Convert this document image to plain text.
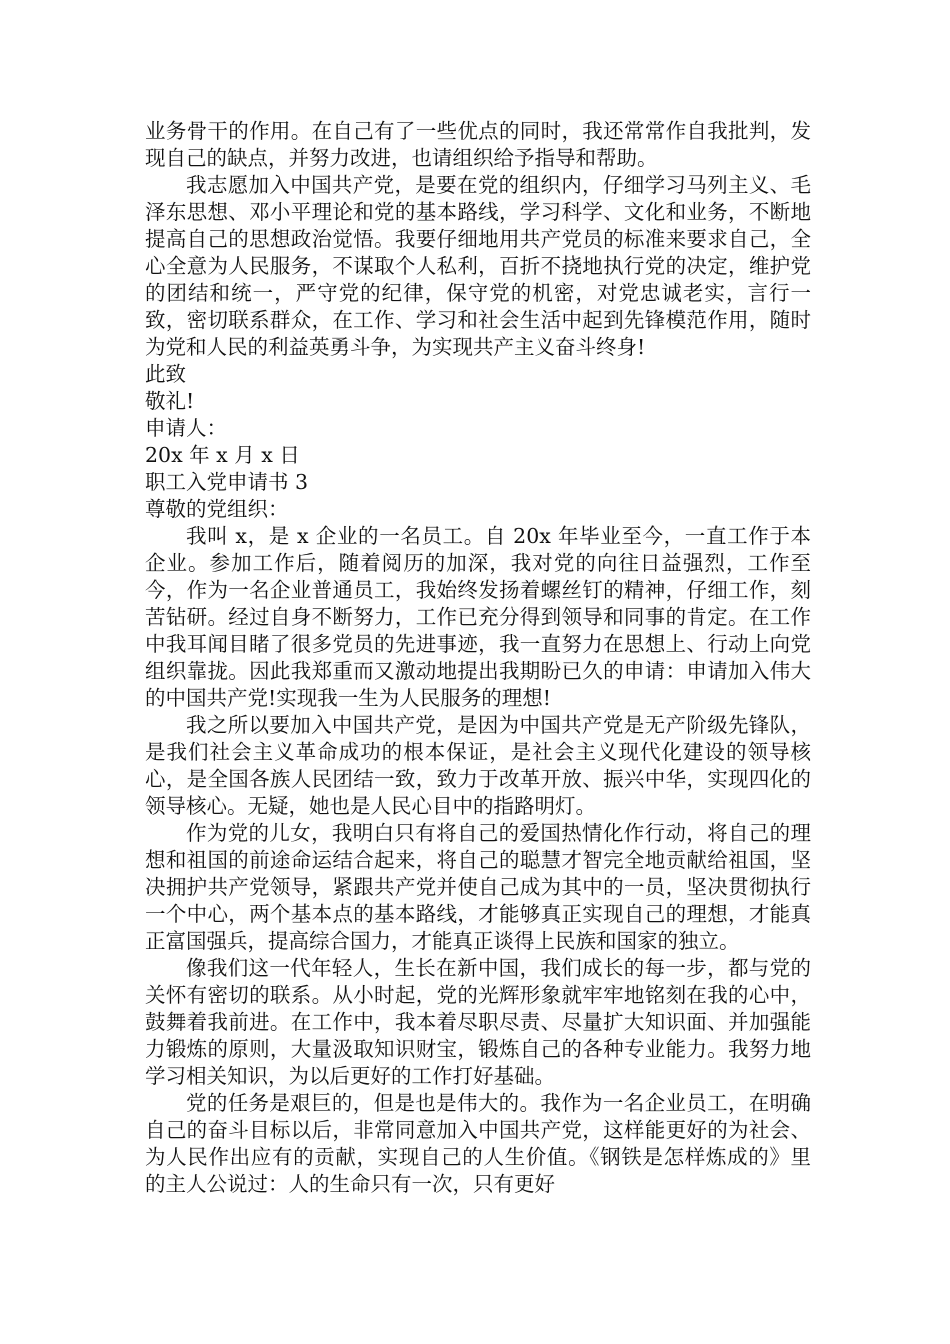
业务骨干的作用。在自己有了一些优点的同时，我还常常作自我批判，发现自己的缺点，并努力改进，也请组织给予指导和帮助。

我志愿加入中国共产党，是要在党的组织内，仔细学习马列主义、毛泽东思想、邓小平理论和党的基本路线，学习科学、文化和业务，不断地提高自己的思想政治觉悟。我要仔细地用共产党员的标准来要求自己，全心全意为人民服务，不谋取个人私利，百折不挠地执行党的决定，维护党的团结和统一，严守党的纪律，保守党的机密，对党忠诚老实，言行一致，密切联系群众，在工作、学习和社会生活中起到先锋模范作用，随时为党和人民的利益英勇斗争，为实现共产主义奋斗终身!

此致

敬礼!

申请人：

20x 年 x 月 x 日

职工入党申请书 3

尊敬的党组织：

我叫 x，是 x 企业的一名员工。自 20x 年毕业至今，一直工作于本企业。参加工作后，随着阅历的加深，我对党的向往日益强烈，工作至今，作为一名企业普通员工，我始终发扬着螺丝钉的精神，仔细工作，刻苦钻研。经过自身不断努力，工作已充分得到领导和同事的肯定。在工作中我耳闻目睹了很多党员的先进事迹，我一直努力在思想上、行动上向党组织靠拢。因此我郑重而又激动地提出我期盼已久的申请：申请加入伟大的中国共产党!实现我一生为人民服务的理想!

我之所以要加入中国共产党，是因为中国共产党是无产阶级先锋队，是我们社会主义革命成功的根本保证，是社会主义现代化建设的领导核心，是全国各族人民团结一致，致力于改革开放、振兴中华，实现四化的领导核心。无疑，她也是人民心目中的指路明灯。

作为党的儿女，我明白只有将自己的爱国热情化作行动，将自己的理想和祖国的前途命运结合起来，将自己的聪慧才智完全地贡献给祖国，坚决拥护共产党领导，紧跟共产党并使自己成为其中的一员，坚决贯彻执行一个中心，两个基本点的基本路线，才能够真正实现自己的理想，才能真正富国强兵，提高综合国力，才能真正谈得上民族和国家的独立。

像我们这一代年轻人，生长在新中国，我们成长的每一步，都与党的关怀有密切的联系。从小时起，党的光辉形象就牢牢地铭刻在我的心中，鼓舞着我前进。在工作中，我本着尽职尽责、尽量扩大知识面、并加强能力锻炼的原则，大量汲取知识财宝，锻炼自己的各种专业能力。我努力地学习相关知识，为以后更好的工作打好基础。

党的任务是艰巨的，但是也是伟大的。我作为一名企业员工，在明确自己的奋斗目标以后，非常同意加入中国共产党，这样能更好的为社会、为人民作出应有的贡献，实现自己的人生价值。《钢铁是怎样炼成的》里的主人公说过：人的生命只有一次，只有更好
